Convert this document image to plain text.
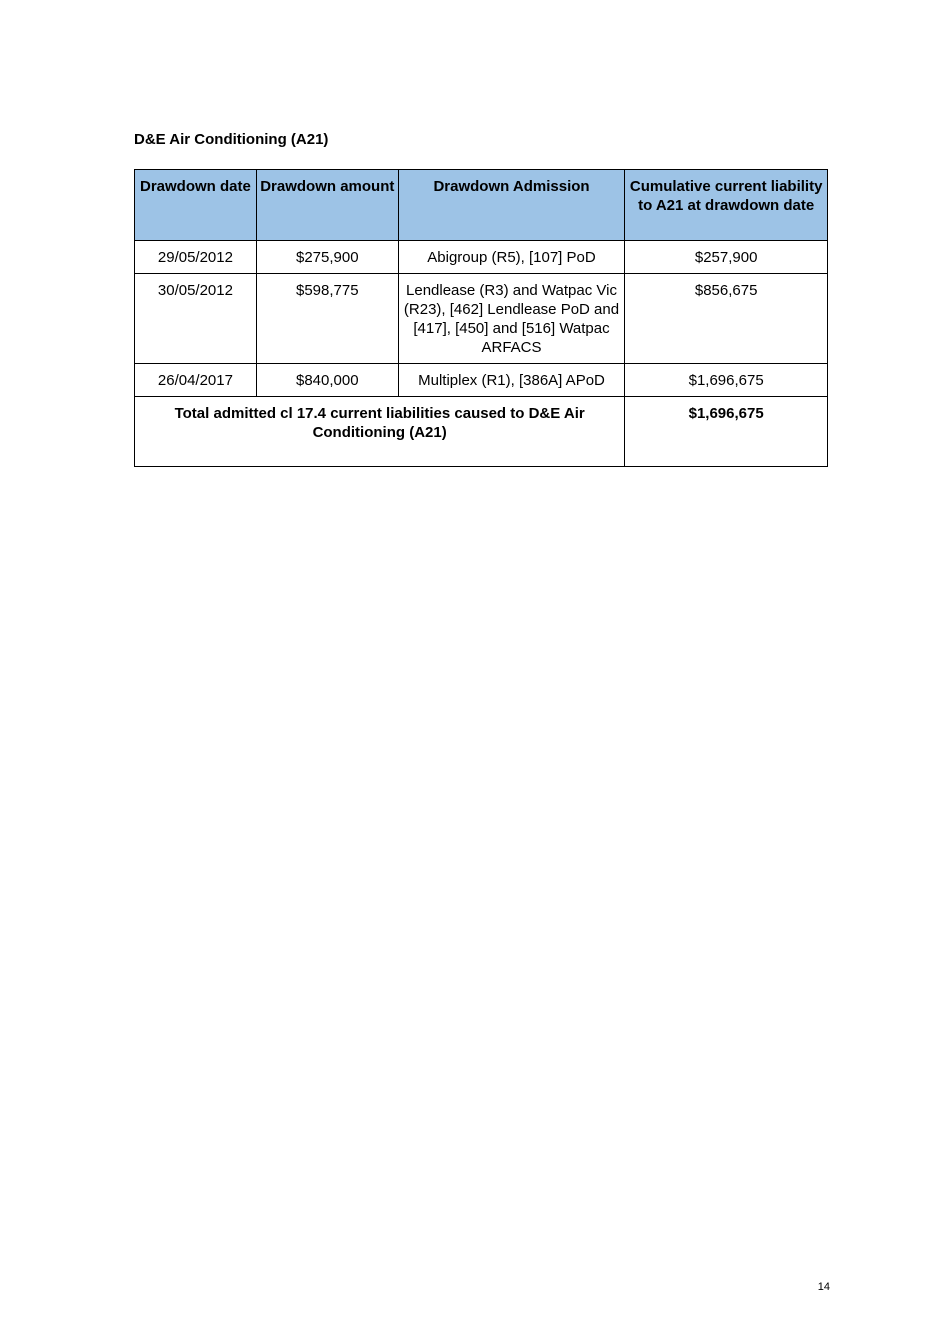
D&E Air Conditioning (A21)
Drawdown date	Drawdown amount	Drawdown Admission	Cumulative current liability to A21 at drawdown date
29/05/2012	$275,900	Abigroup (R5), [107] PoD	$257,900
30/05/2012	$598,775	Lendlease (R3) and Watpac Vic (R23), [462] Lendlease PoD and [417], [450] and [516] Watpac ARFACS	$856,675
26/04/2017	$840,000	Multiplex (R1), [386A] APoD	$1,696,675
Total admitted cl 17.4 current liabilities caused to D&E Air Conditioning (A21)			$1,696,675
14
